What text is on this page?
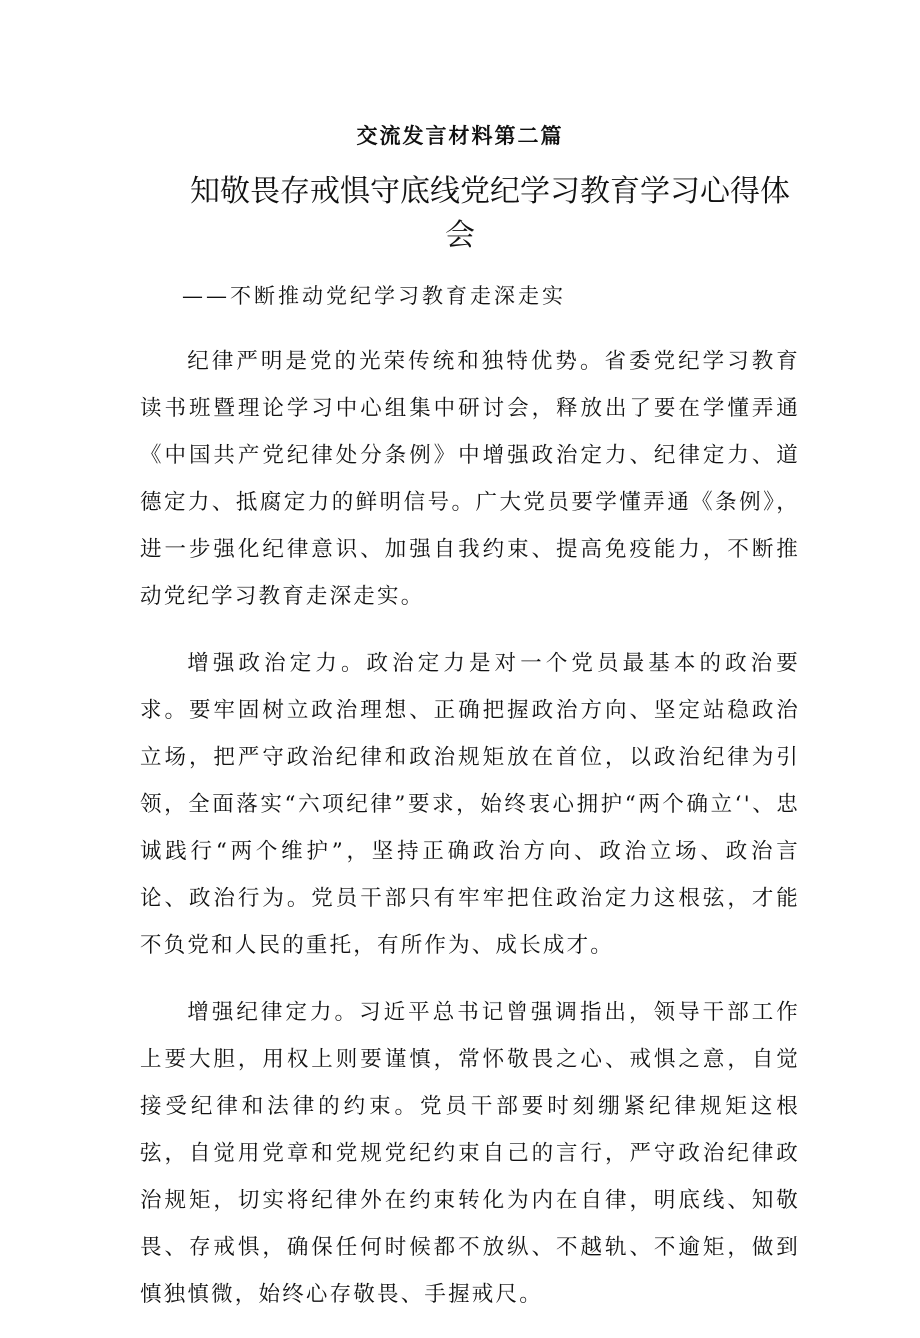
交流发言材料第二篇
知敬畏存戒惧守底线党纪学习教育学习心得体
会
——不断推动党纪学习教育走深走实

纪律严明是党的光荣传统和独特优势。省委党纪学习教育读书班暨理论学习中心组集中研讨会，释放出了要在学懂弄通《中国共产党纪律处分条例》中增强政治定力、纪律定力、道德定力、抵腐定力的鲜明信号。广大党员要学懂弄通《条例》，进一步强化纪律意识、加强自我约束、提高免疫能力，不断推动党纪学习教育走深走实。

增强政治定力。政治定力是对一个党员最基本的政治要求。要牢固树立政治理想、正确把握政治方向、坚定站稳政治立场，把严守政治纪律和政治规矩放在首位，以政治纪律为引领，全面落实“六项纪律”要求，始终衷心拥护“两个确立‘'、忠诚践行“两个维护”，坚持正确政治方向、政治立场、政治言论、政治行为。党员干部只有牢牢把住政治定力这根弦，才能不负党和人民的重托，有所作为、成长成才。

增强纪律定力。习近平总书记曾强调指出，领导干部工作上要大胆，用权上则要谨慎，常怀敬畏之心、戒惧之意，自觉接受纪律和法律的约束。党员干部要时刻绷紧纪律规矩这根弦，自觉用党章和党规党纪约束自己的言行，严守政治纪律政治规矩，切实将纪律外在约束转化为内在自律，明底线、知敬畏、存戒惧，确保任何时候都不放纵、不越轨、不逾矩，做到慎独慎微，始终心存敬畏、手握戒尺。
